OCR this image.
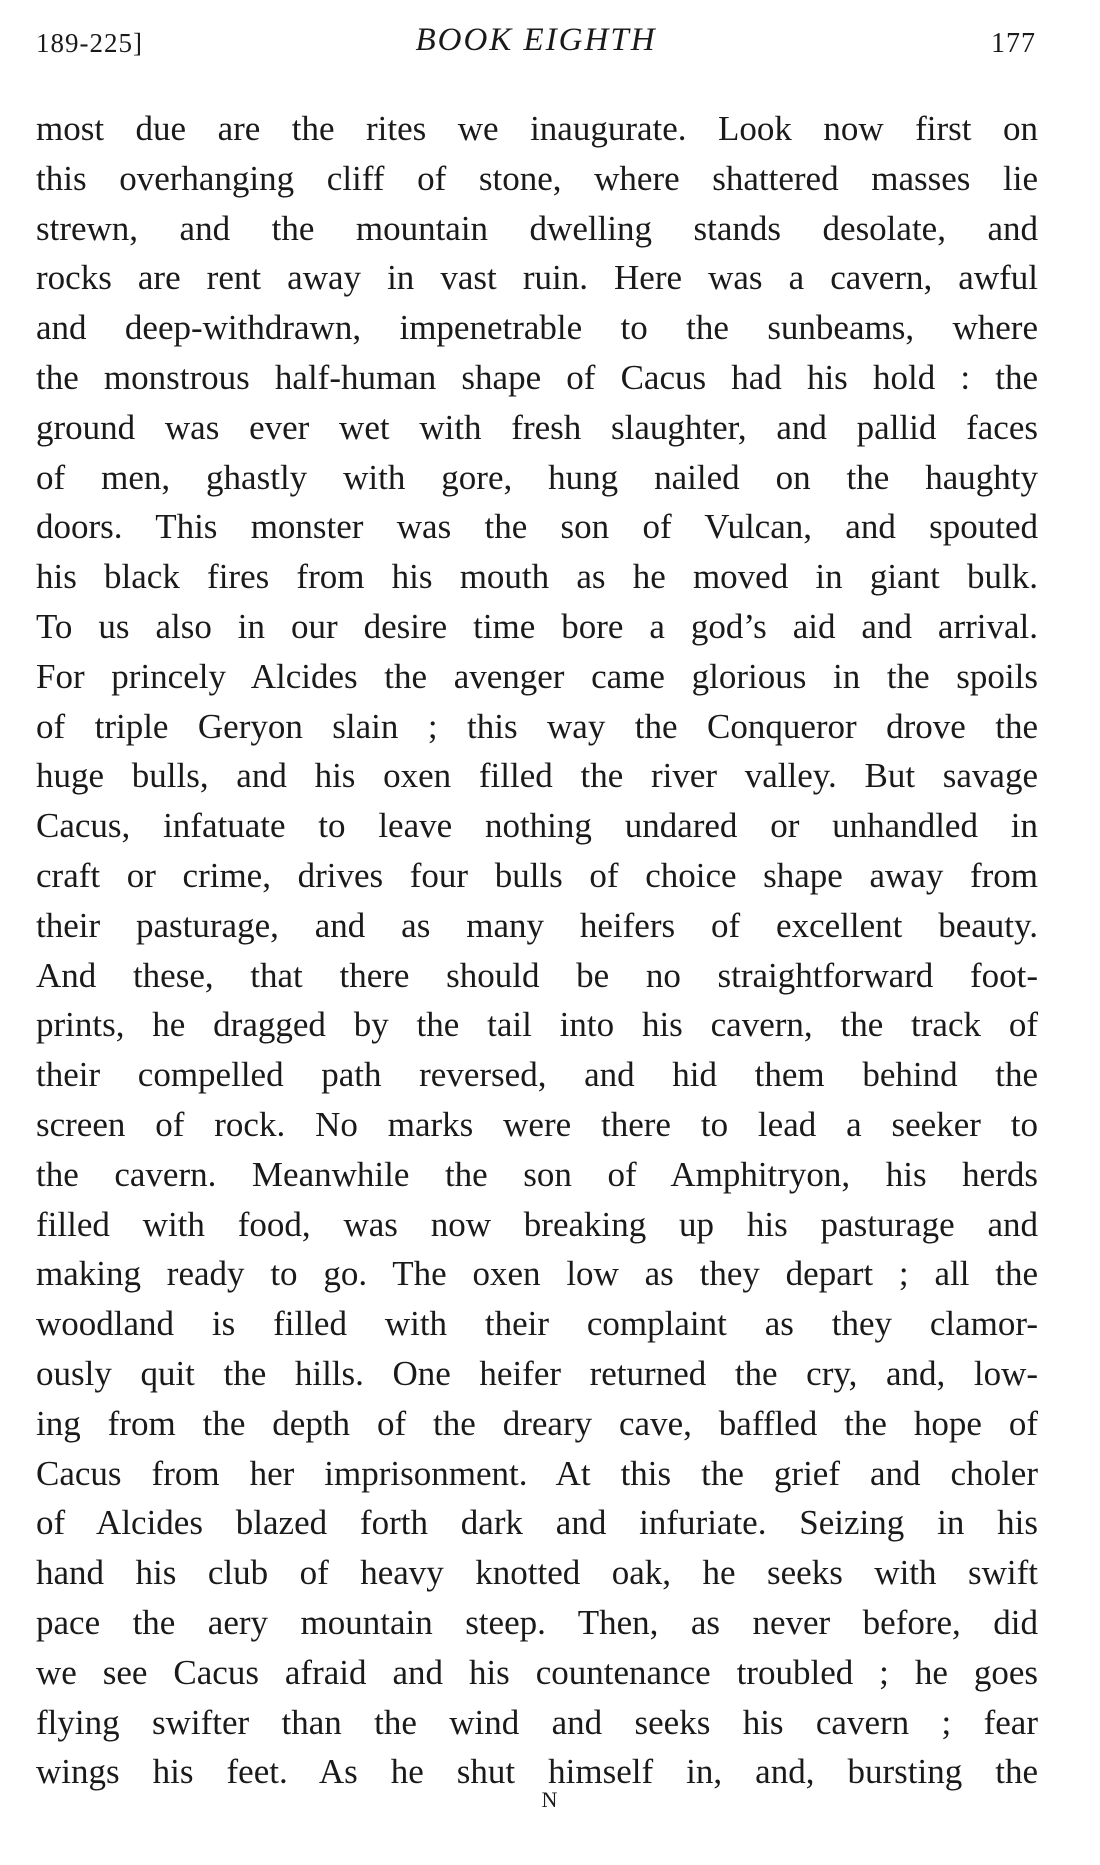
189-225]	BOOK EIGHTH	177
most due are the rites we inaugurate. Look now first on
this overhanging cliff of stone, where shattered masses lie
strewn, and the mountain dwelling stands desolate, and
rocks are rent away in vast ruin. Here was a cavern, awful
and deep-withdrawn, impenetrable to the sunbeams, where
the monstrous half-human shape of Cacus had his hold : the
ground was ever wet with fresh slaughter, and pallid faces
of men, ghastly with gore, hung nailed on the haughty
doors. This monster was the son of Vulcan, and spouted
his black fires from his mouth as he moved in giant bulk.
To us also in our desire time bore a god’s aid and arrival.
For princely Alcides the avenger came glorious in the spoils
of triple Geryon slain ; this way the Conqueror drove the
huge bulls, and his oxen filled the river valley. But savage
Cacus, infatuate to leave nothing undared or unhandled in
craft or crime, drives four bulls of choice shape away from
their pasturage, and as many heifers of excellent beauty.
And these, that there should be no straightforward foot-
prints, he dragged by the tail into his cavern, the track of
their compelled path reversed, and hid them behind the
screen of rock. No marks were there to lead a seeker to
the cavern. Meanwhile the son of Amphitryon, his herds
filled with food, was now breaking up his pasturage and
making ready to go. The oxen low as they depart ; all the
woodland is filled with their complaint as they clamor-
ously quit the hills. One heifer returned the cry, and, low-
ing from the depth of the dreary cave, baffled the hope of
Cacus from her imprisonment. At this the grief and choler
of Alcides blazed forth dark and infuriate. Seizing in his
hand his club of heavy knotted oak, he seeks with swift
pace the aery mountain steep. Then, as never before, did
we see Cacus afraid and his countenance troubled ; he goes
flying swifter than the wind and seeks his cavern ; fear
wings his feet. As he shut himself in, and, bursting the
N
